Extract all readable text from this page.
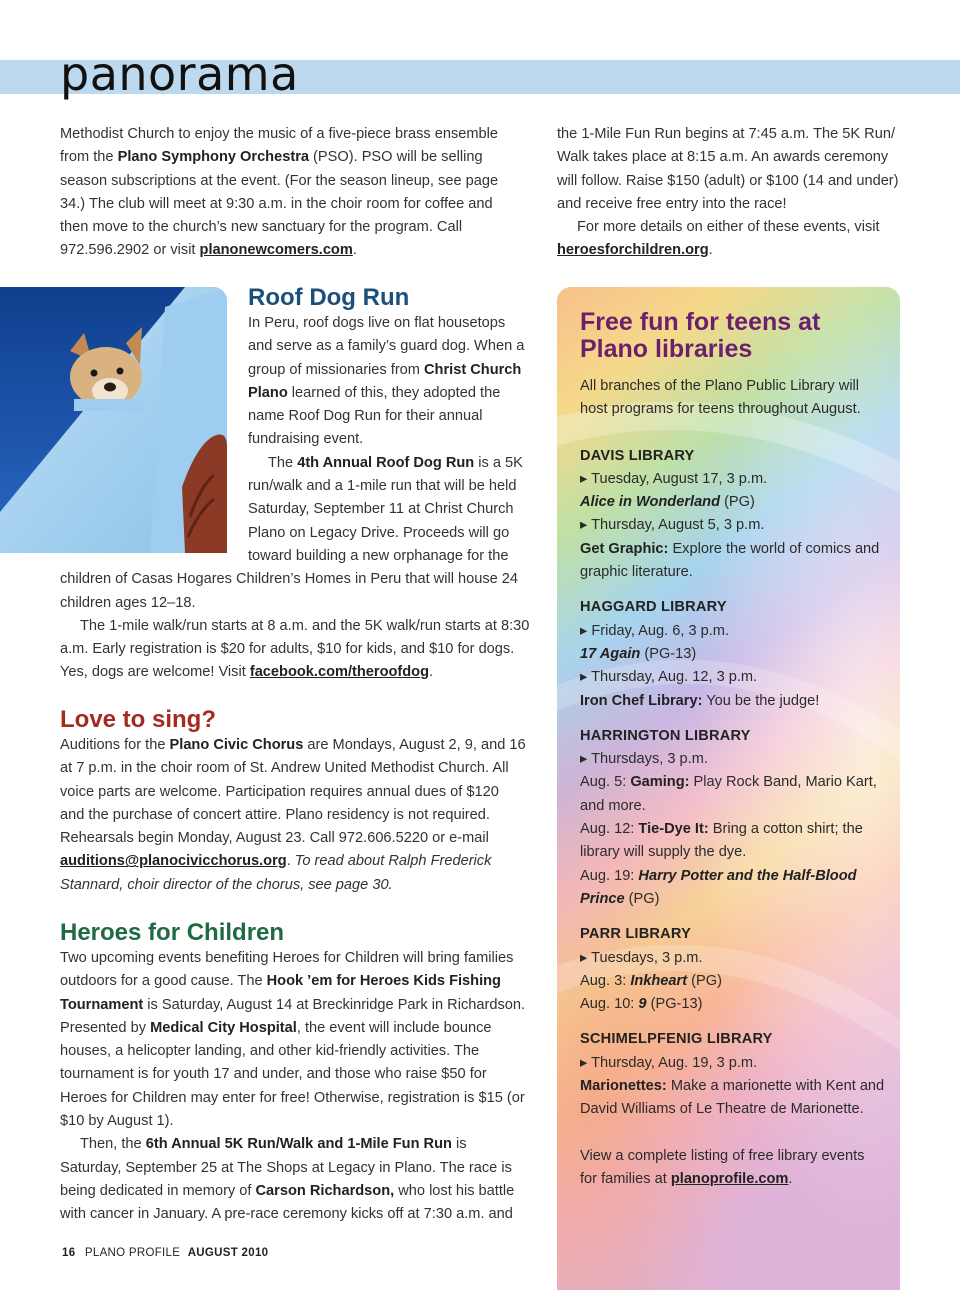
panorama

Methodist Church to enjoy the music of a five-piece brass ensemble from the Plano Symphony Orchestra (PSO). PSO will be selling season subscriptions at the event. (For the season lineup, see page 34.) The club will meet at 9:30 a.m. in the choir room for coffee and then move to the church’s new sanctuary for the program. Call 972.596.2902 or visit planonewcomers.com.

the 1-Mile Fun Run begins at 7:45 a.m. The 5K Run/ Walk takes place at 8:15 a.m. An awards ceremony will follow. Raise $150 (adult) or $100 (14 and under) and receive free entry into the race!

For more details on either of these events, visit heroesforchildren.org.

Roof Dog Run

In Peru, roof dogs live on flat housetops and serve as a family’s guard dog. When a group of missionaries from Christ Church Plano learned of this, they adopted the name Roof Dog Run for their annual fundraising event.

The 4th Annual Roof Dog Run is a 5K run/walk and a 1-mile run that will be held Saturday, September 11 at Christ Church Plano on Legacy Drive. Proceeds will go toward building a new orphanage for the children of Casas Hogares Children’s Homes in Peru that will house 24 children ages 12–18.

The 1-mile walk/run starts at 8 a.m. and the 5K walk/run starts at 8:30 a.m. Early registration is $20 for adults, $10 for kids, and $10 for dogs. Yes, dogs are welcome! Visit facebook.com/theroofdog.

Love to sing?

Auditions for the Plano Civic Chorus are Mondays, August 2, 9, and 16 at 7 p.m. in the choir room of St. Andrew United Methodist Church. All voice parts are welcome. Participation requires annual dues of $120 and the purchase of concert attire. Plano residency is not required. Rehearsals begin Monday, August 23. Call 972.606.5220 or e-mail auditions@planocivicchorus.org. To read about Ralph Frederick Stannard, choir director of the chorus, see page 30.

Heroes for Children

Two upcoming events benefiting Heroes for Children will bring families outdoors for a good cause. The Hook ’em for Heroes Kids Fishing Tournament is Saturday, August 14 at Breckinridge Park in Richardson. Presented by Medical City Hospital, the event will include bounce houses, a helicopter landing, and other kid-friendly activities. The tournament is for youth 17 and under, and those who raise $50 for Heroes for Children may enter for free! Otherwise, registration is $15 (or $10 by August 1).

Then, the 6th Annual 5K Run/Walk and 1-Mile Fun Run is Saturday, September 25 at The Shops at Legacy in Plano. The race is being dedicated in memory of Carson Richardson, who lost his battle with cancer in January. A pre-race ceremony kicks off at 7:30 a.m. and

Free fun for teens at Plano libraries

All branches of the Plano Public Library will host programs for teens throughout August.

DAVIS LIBRARY

▸ Tuesday, August 17, 3 p.m.

Alice in Wonderland (PG)

▸ Thursday, August 5, 3 p.m.

Get Graphic: Explore the world of comics and graphic literature.

HAGGARD LIBRARY

▸ Friday, Aug. 6, 3 p.m.

17 Again (PG-13)

▸ Thursday, Aug. 12, 3 p.m.

Iron Chef Library: You be the judge!

HARRINGTON LIBRARY

▸ Thursdays, 3 p.m.

Aug. 5: Gaming: Play Rock Band, Mario Kart, and more.

Aug. 12: Tie-Dye It: Bring a cotton shirt; the library will supply the dye.

Aug. 19: Harry Potter and the Half-Blood Prince (PG)

PARR LIBRARY

▸ Tuesdays, 3 p.m.

Aug. 3: Inkheart (PG)

Aug. 10: 9 (PG-13)

SCHIMELPFENIG LIBRARY

▸ Thursday, Aug. 19, 3 p.m.

Marionettes: Make a marionette with Kent and David Williams of Le Theatre de Marionette.

View a complete listing of free library events for families at planoprofile.com.

16 PLANO PROFILE AUGUST 2010
